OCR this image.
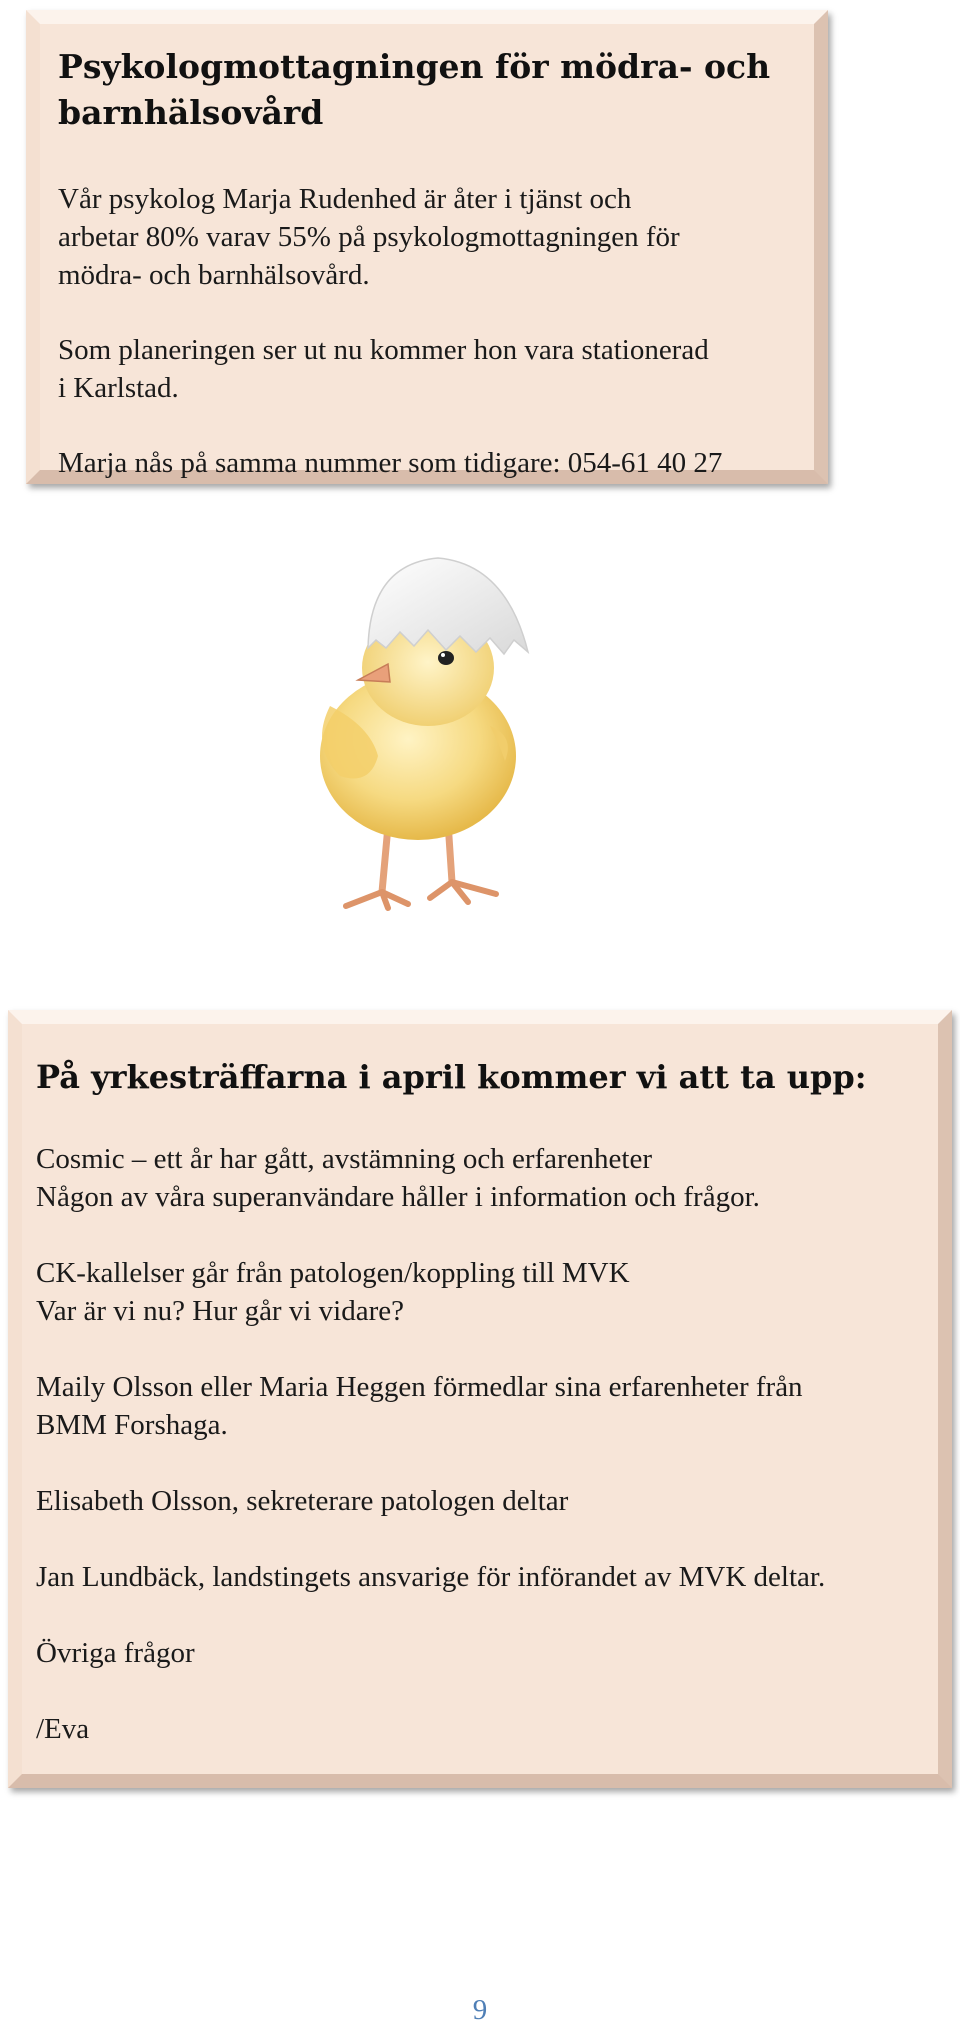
Psykologmottagningen för mödra- och
barnhälsovård

Vår psykolog Marja Rudenhed är åter i tjänst och
arbetar 80% varav 55% på psykologmottagningen för
mödra- och barnhälsovård.

Som planeringen ser ut nu kommer hon vara stationerad
i Karlstad.

Marja nås på samma nummer som tidigare: 054-61 40 27

På yrkesträffarna i april kommer vi att ta upp:

Cosmic – ett år har gått, avstämning och erfarenheter
Någon av våra superanvändare håller i information och frågor.

CK-kallelser går från patologen/koppling till MVK
Var är vi nu? Hur går vi vidare?

Maily Olsson eller Maria Heggen förmedlar sina erfarenheter från
BMM Forshaga.

Elisabeth Olsson, sekreterare patologen deltar

Jan Lundbäck, landstingets ansvarige för införandet av MVK deltar.

Övriga frågor

/Eva

9
